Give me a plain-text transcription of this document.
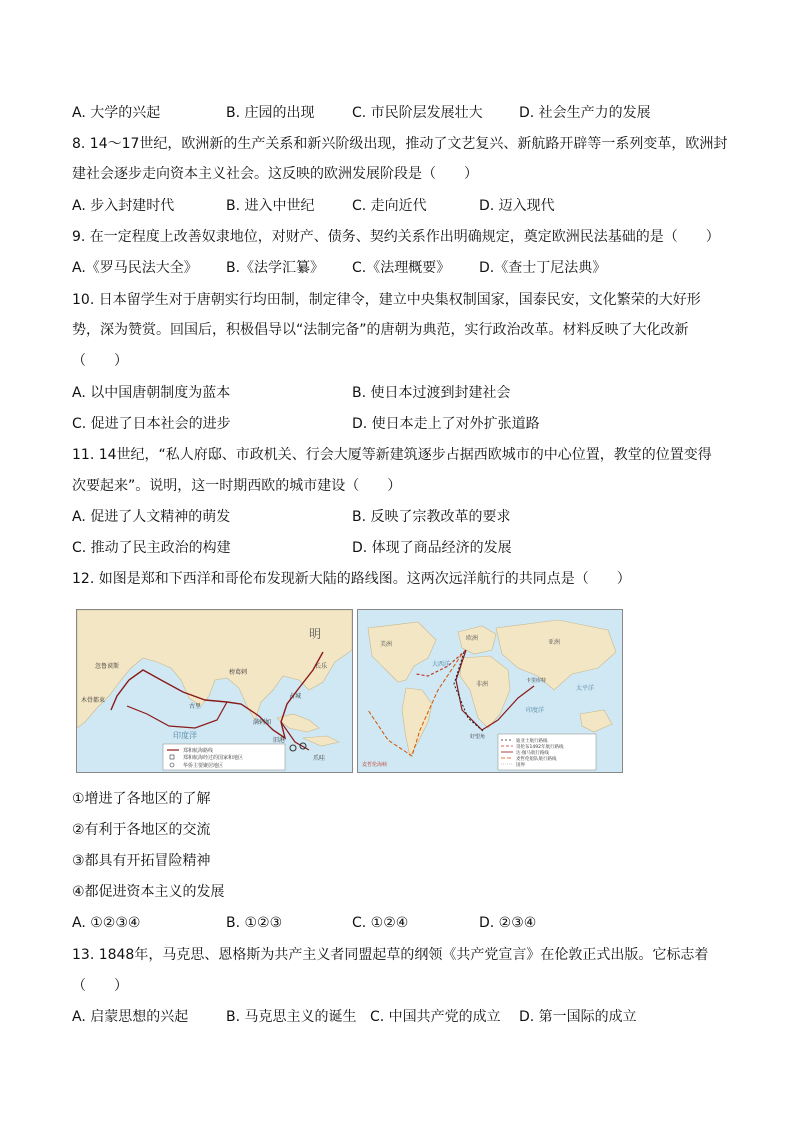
A. 大学的兴起	B. 庄园的出现	C. 市民阶层发展壮大	D. 社会生产力的发展
8. 14～17世纪，欧洲新的生产关系和新兴阶级出现，推动了文艺复兴、新航路开辟等一系列变革，欧洲封
建社会逐步走向资本主义社会。这反映的欧洲发展阶段是（　　）
A. 步入封建时代	B. 进入中世纪	C. 走向近代	D. 迈入现代
9. 在一定程度上改善奴隶地位，对财产、债务、契约关系作出明确规定，奠定欧洲民法基础的是（　　）
A.《罗马民法大全》 B.《法学汇纂》 C.《法理概要》 D.《查士丁尼法典》
10. 日本留学生对于唐朝实行均田制，制定律令，建立中央集权制国家，国泰民安，文化繁荣的大好形
势，深为赞赏。回国后，积极倡导以“法制完备”的唐朝为典范，实行政治改革。材料反映了大化改新
（　　）
A. 以中国唐朝制度为蓝本	B. 使日本过渡到封建社会
C. 促进了日本社会的进步	D. 使日本走上了对外扩张道路
11. 14世纪，“私人府邸、市政机关、行会大厦等新建筑逐步占据西欧城市的中心位置，教堂的位置变得
次要起来”。说明，这一时期西欧的城市建设（　　）
A. 促进了人文精神的萌发	B. 反映了宗教改革的要求
C. 推动了民主政治的构建	D. 体现了商品经济的发展
12. 如图是郑和下西洋和哥伦布发现新大陆的路线图。这两次远洋航行的共同点是（　　）
明
长乐
古里
忽鲁谟斯
榜葛剌
满剌加
占城
木骨都束
旧港
爪哇
印度洋
郑和航海路线
郑和航海经过的国家和地区
华侨主要聚居地区
美洲
欧洲
非洲
亚洲
大西洋
印度洋
太平洋
好望角
卡里库特
麦哲伦海峡
迪亚士航行路线
哥伦布1492年航行路线
达·伽马航行路线
麦哲伦船队航行路线
国界
①增进了各地区的了解
②有利于各地区的交流
③都具有开拓冒险精神
④都促进资本主义的发展
A. ①②③④	B. ①②③	C. ①②④	D. ②③④
13. 1848年，马克思、恩格斯为共产主义者同盟起草的纲领《共产党宣言》在伦敦正式出版。它标志着
（　　）
A. 启蒙思想的兴起	B. 马克思主义的诞生 C. 中国共产党的成立 D. 第一国际的成立
